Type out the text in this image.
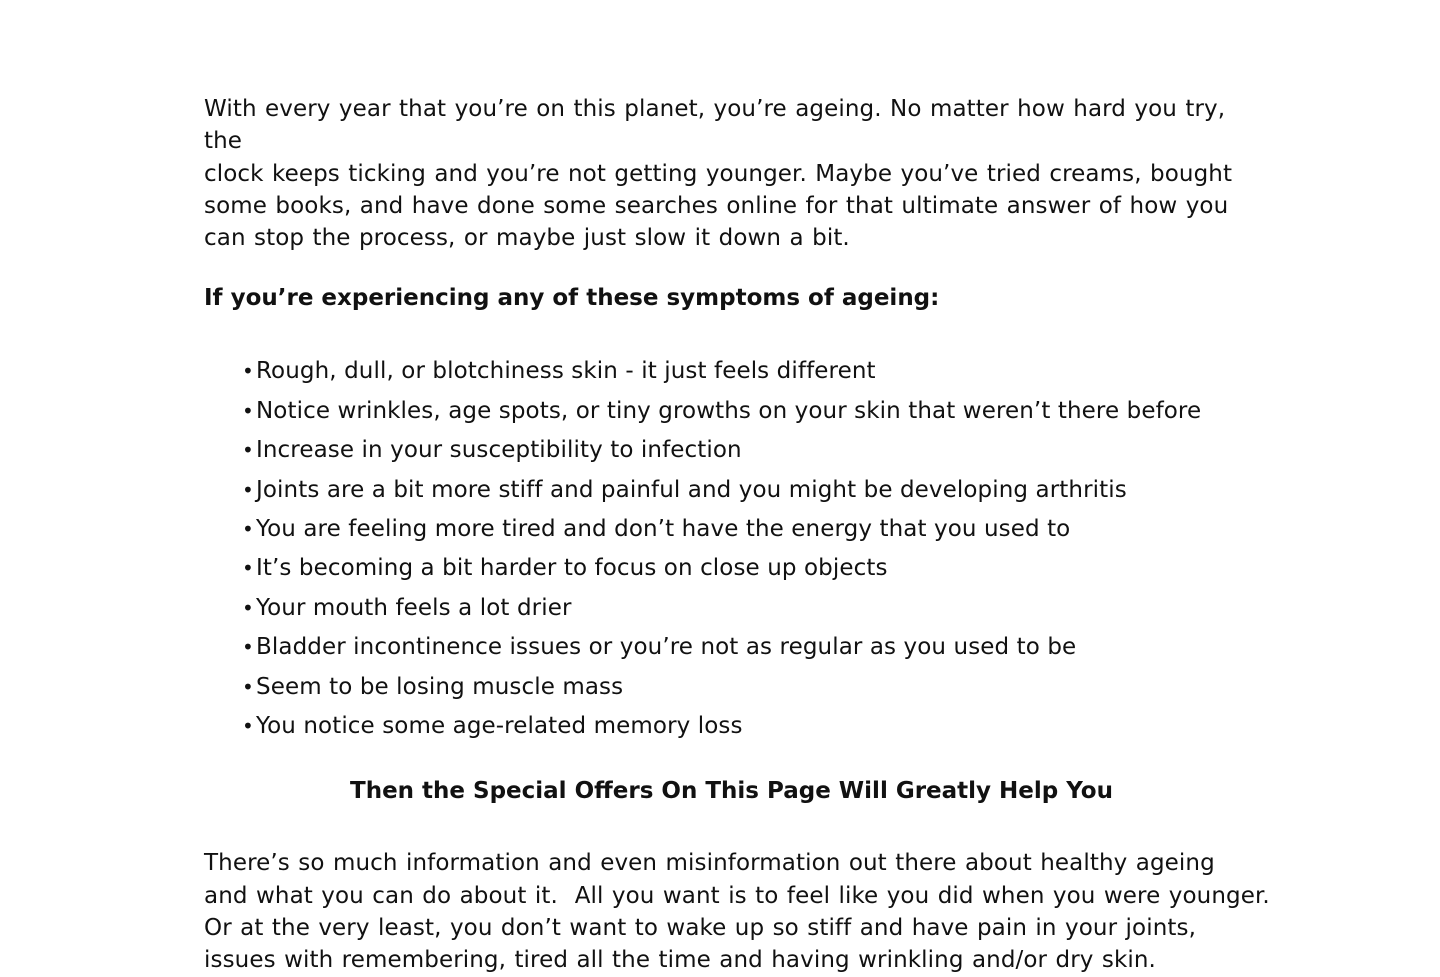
With every year that you’re on this planet, you’re ageing. No matter how hard you try, the
clock keeps ticking and you’re not getting younger. Maybe you’ve tried creams, bought
some books, and have done some searches online for that ultimate answer of how you
can stop the process, or maybe just slow it down a bit.

If you’re experiencing any of these symptoms of ageing:

•Rough, dull, or blotchiness skin - it just feels different
•Notice wrinkles, age spots, or tiny growths on your skin that weren’t there before
•Increase in your susceptibility to infection
•Joints are a bit more stiff and painful and you might be developing arthritis
•You are feeling more tired and don’t have the energy that you used to
•It’s becoming a bit harder to focus on close up objects
•Your mouth feels a lot drier
•Bladder incontinence issues or you’re not as regular as you used to be
•Seem to be losing muscle mass
•You notice some age-related memory loss

Then the Special Offers On This Page Will Greatly Help You

There’s so much information and even misinformation out there about healthy ageing
and what you can do about it.  All you want is to feel like you did when you were younger.
Or at the very least, you don’t want to wake up so stiff and have pain in your joints,
issues with remembering, tired all the time and having wrinkling and/or dry skin.
